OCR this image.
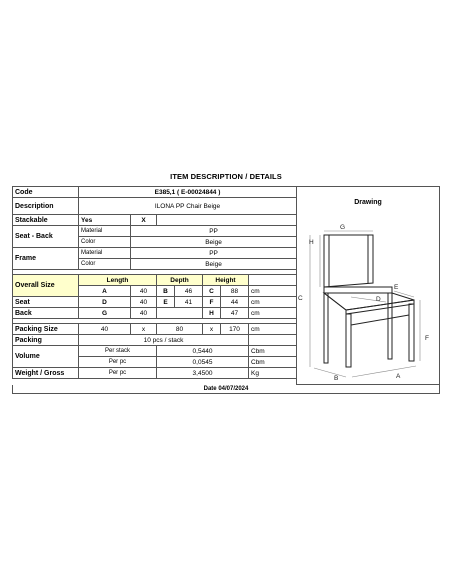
ITEM DESCRIPTION / DETAILS
Code	E385,1 ( E-00024844 )						
Description	ILONA PP Chair Beige						
Stackable	Yes	X					
Seat - Back	Material	PP					
	Color	Beige					
Frame	Material	PP					
	Color	Beige					

Overall Size	Length		Depth		Height		
	A	40	B	46	C	88	cm
Seat	D	40	E	41	F	44	cm
Back	G	40			H	47	cm

Packing Size	40	x	80		x	170	cm
Packing	10 pcs / stack						
Volume	Per stack		0,5440				Cbm
	Per pc		0,0545				Cbm
Weight / Gross	Per pc		3,4500				Kg
Drawing
G
H
C
E
D
F
B	A
Date 04/07/2024
